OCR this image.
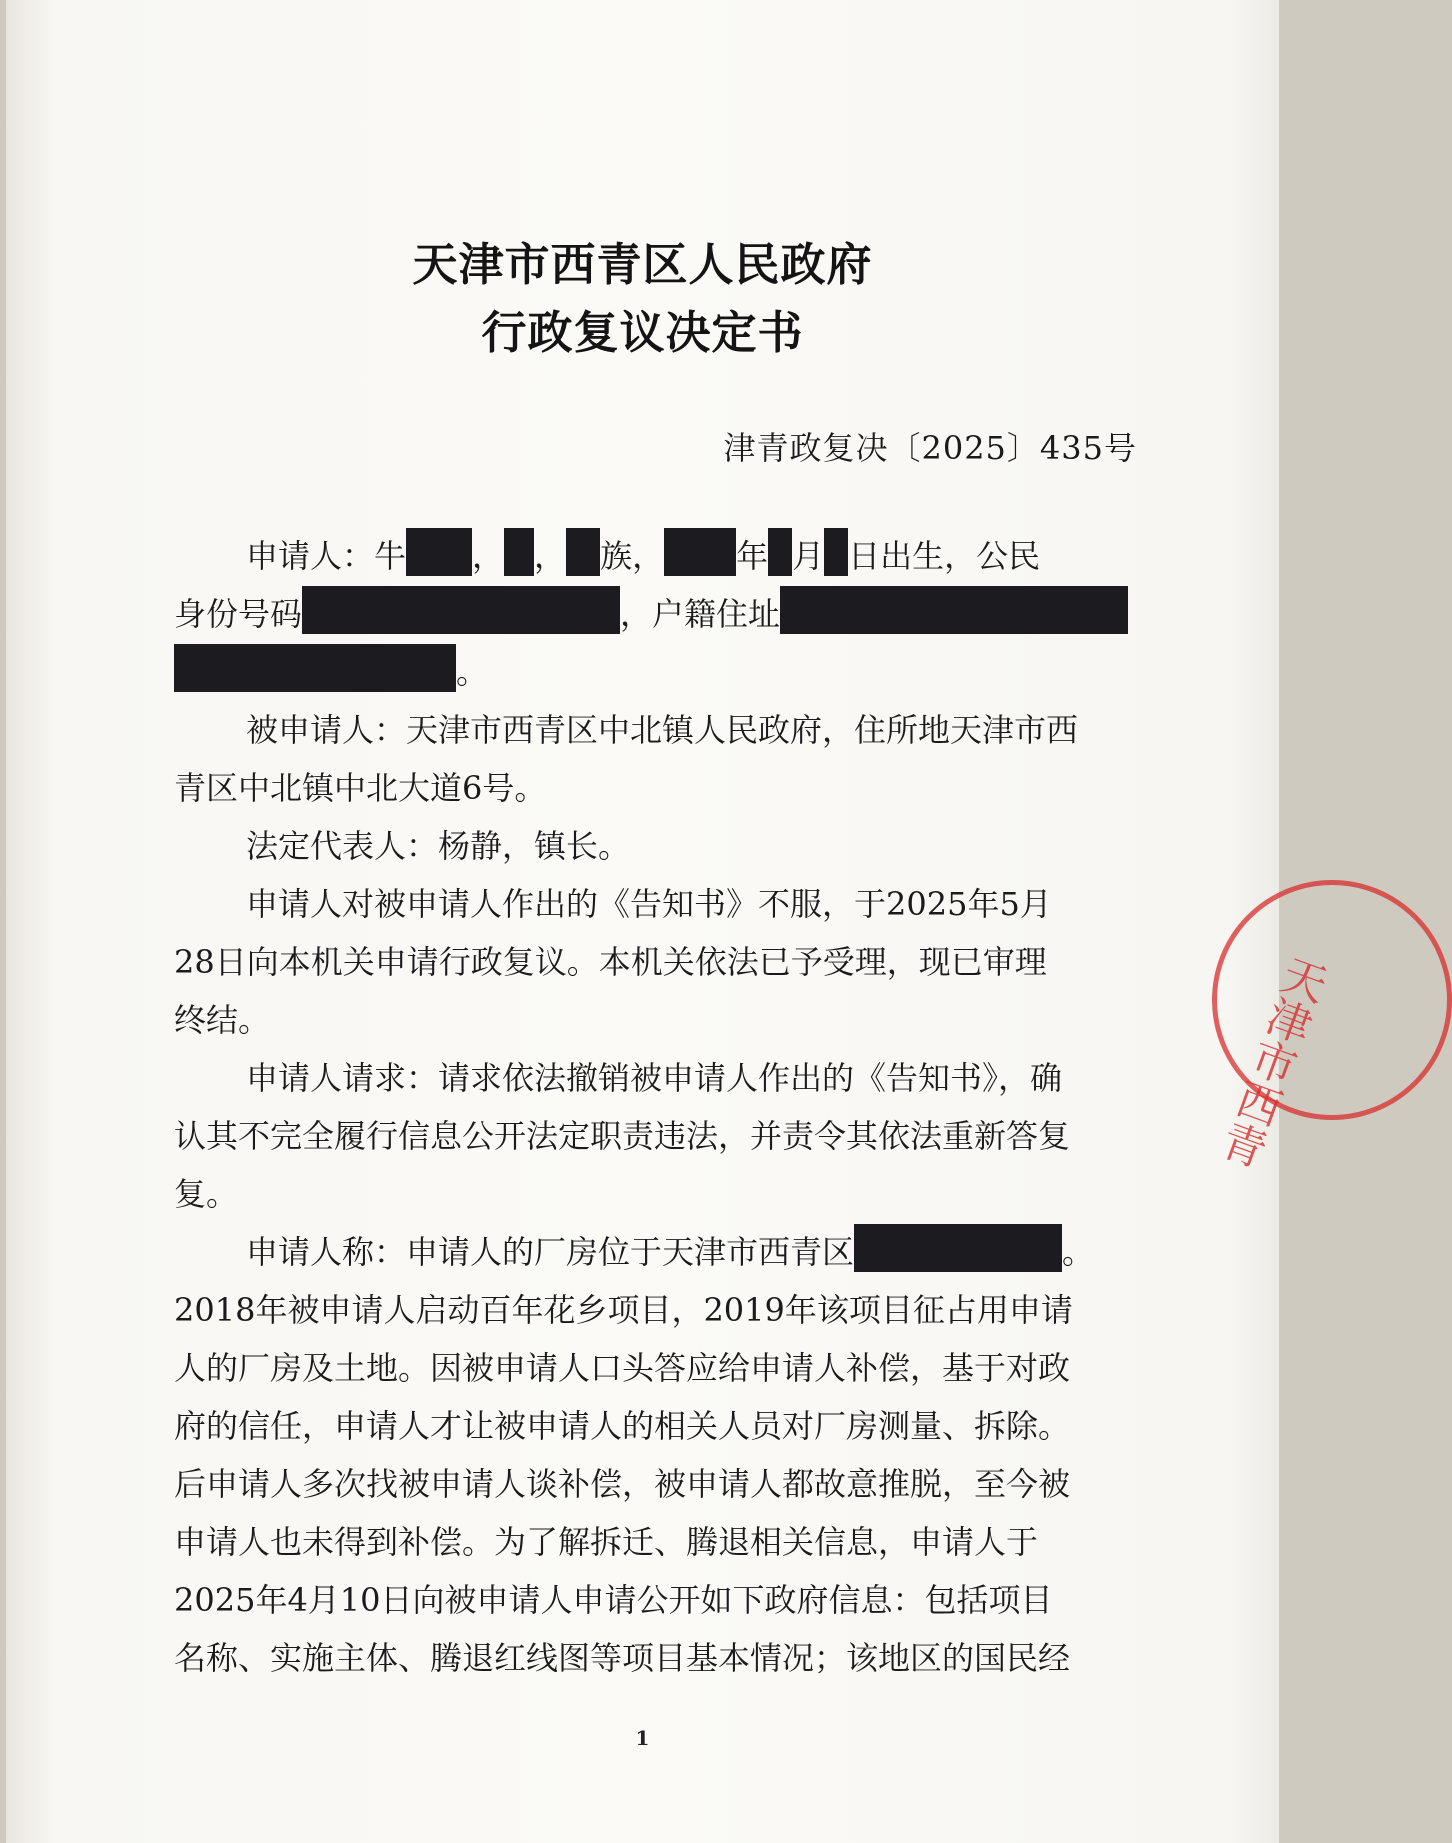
天津市西青区人民政府
行政复议决定书
津青政复决〔2025〕435号
申请人：牛 ， ， 族， 年 月 日出生，公民
身份号码	，户籍住址
。
被申请人：天津市西青区中北镇人民政府，住所地天津市西
青区中北镇中北大道6号。
法定代表人：杨静，镇长。
申请人对被申请人作出的《告知书》不服，于2025年5月
28日向本机关申请行政复议。本机关依法已予受理，现已审理
终结。
申请人请求：请求依法撤销被申请人作出的《告知书》，确
认其不完全履行信息公开法定职责违法，并责令其依法重新答复
复。
申请人称：申请人的厂房位于天津市西青区	。
2018年被申请人启动百年花乡项目，2019年该项目征占用申请
人的厂房及土地。因被申请人口头答应给申请人补偿，基于对政
府的信任，申请人才让被申请人的相关人员对厂房测量、拆除。
后申请人多次找被申请人谈补偿，被申请人都故意推脱，至今被
申请人也未得到补偿。为了解拆迁、腾退相关信息，申请人于
2025年4月10日向被申请人申请公开如下政府信息：包括项目
名称、实施主体、腾退红线图等项目基本情况；该地区的国民经
天津市西青
1
